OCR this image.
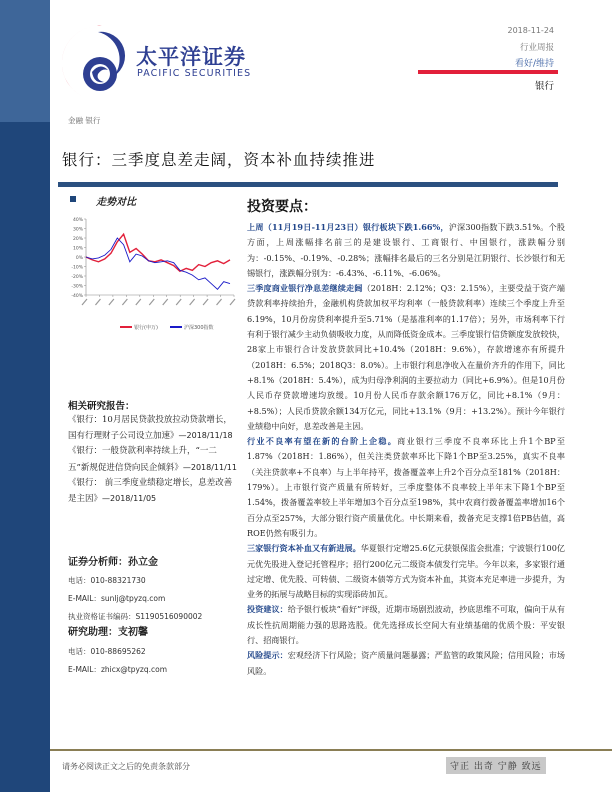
太平洋证券
PACIFIC SECURITIES
金融 银行
2018-11-24
行业周报
看好/维持
银行
银行：三季度息差走阔，资本补血持续推进
走势对比
40%
30%
20%
10%
0%
-10%
-20%
-30%
-40%
银行(申万)	沪深300指数
相关研究报告：
《银行：10月居民贷款投放拉动贷款增长，国有行理财子公司设立加速》—2018/11/18
《银行：一般贷款利率持续上升，“一二五”新规促进信贷向民企倾斜》—2018/11/11
《银行： 前三季度业绩稳定增长，息差改善是主因》—2018/11/05
证券分析师：孙立金
电话：010-88321730
E-MAIL：sunlj@tpyzq.com
执业资格证书编码：S1190516090002
研究助理：支初馨
电话：010-88695262
E-MAIL：zhicx@tpyzq.com
投资要点：

上周（11月19日-11月23日）银行板块下跌1.66%，沪深300指数下跌3.51%。个股方面，上周涨幅排名前三的是建设银行、工商银行、中国银行，涨跌幅分别为：-0.15%、-0.19%、-0.28%；涨幅排名最后的三名分别是江阴银行、长沙银行和无锡银行，涨跌幅分别为：-6.43%、-6.11%、-6.06%。

三季度商业银行净息差继续走阔（2018H：2.12%；Q3：2.15%），主要受益于资产端贷款利率持续抬升，金融机构贷款加权平均利率（一般贷款利率）连续三个季度上升至6.19%，10月份房贷利率提升至5.71%（是基准利率的1.17倍）；另外，市场利率下行有利于银行减少主动负债吸收力度，从而降低资金成本。三季度银行信贷额度发放较快，28家上市银行合计发放贷款同比+10.4%（2018H：9.6%），存款增速亦有所提升（2018H：6.5%；2018Q3：8.0%）。上市银行利息净收入在量价齐升的作用下，同比+8.1%（2018H：5.4%），成为归母净利润的主要拉动力（同比+6.9%）。但是10月份人民币存贷款增速均放缓。10月份人民币存款余额176万亿，同比+8.1%（9月：+8.5%）；人民币贷款余额134万亿元，同比+13.1%（9月：+13.2%）。预计今年银行业绩稳中向好，息差改善是主因。

行业不良率有望在新的台阶上企稳。商业银行三季度不良率环比上升1个BP至1.87%（2018H：1.86%），但关注类贷款率环比下降1个BP至3.25%，真实不良率（关注贷款率+不良率）与上半年持平，拨备覆盖率上升2个百分点至181%（2018H：179%）。上市银行资产质量有所转好，三季度整体不良率较上半年末下降1个BP至1.54%，拨备覆盖率较上半年增加3个百分点至198%，其中农商行拨备覆盖率增加16个百分点至257%，大部分银行资产质量优化。中长期来看，拨备充足支撑1倍PB估值，高ROE仍然有吸引力。

三家银行资本补血又有新进展。华夏银行定增25.6亿元获银保监会批准；宁波银行100亿元优先股进入登记托管程序；招行200亿元二级资本债发行完毕。今年以来，多家银行通过定增、优先股、可转债、二级资本债等方式为资本补血，其资本充足率进一步提升，为业务的拓展与战略目标的实现添砖加瓦。

投资建议：给予银行板块“看好”评级，近期市场剧烈波动，抄底思维不可取，偏向于从有成长性抗周期能力强的思路选股。优先选择成长空间大有业绩基础的优质个股：平安银行、招商银行。

风险提示：宏观经济下行风险；资产质量问题暴露；严监管的政策风险；信用风险；市场风险。

请务必阅读正文之后的免责条款部分	守正 出奇 宁静 致远
